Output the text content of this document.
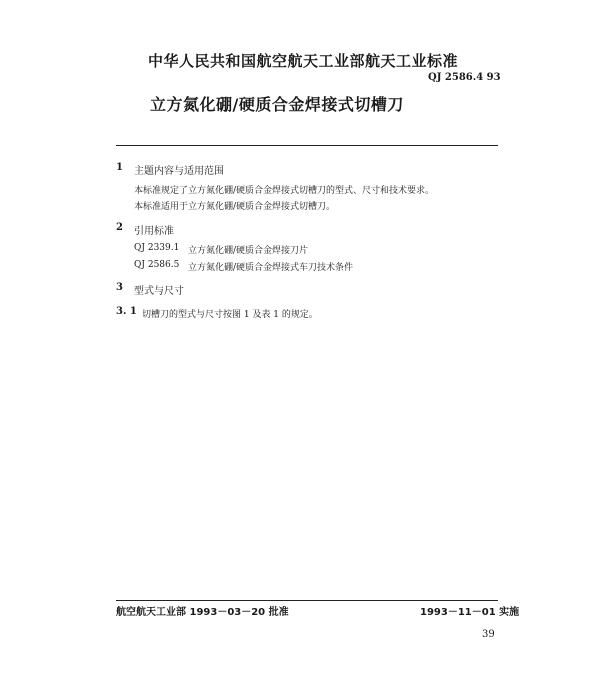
中华人民共和国航空航天工业部航天工业标准
QJ 2586.4 93
立方氮化硼/硬质合金焊接式切槽刀
1 主题内容与适用范围
本标准规定了立方氮化硼/硬质合金焊接式切槽刀的型式、尺寸和技术要求。
本标准适用于立方氮化硼/硬质合金焊接式切槽刀。
2 引用标准
QJ 2339.1 立方氮化硼/硬质合金焊接刀片
QJ 2586.5 立方氮化硼/硬质合金焊接式车刀技术条件
3 型式与尺寸
3. 1 切槽刀的型式与尺寸按图 1 及表 1 的规定。
航空航天工业部 1993－03－20 批准	1993－11－01 实施
39
